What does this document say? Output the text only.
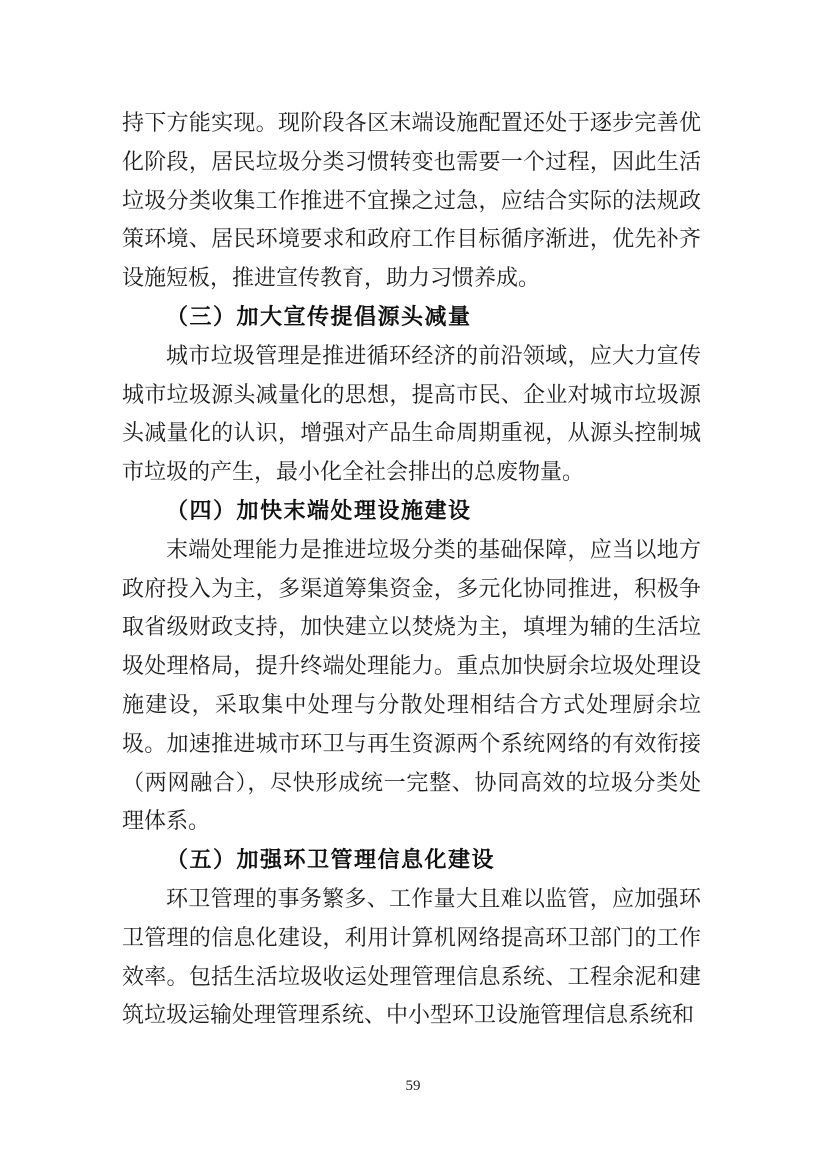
持下方能实现。现阶段各区末端设施配置还处于逐步完善优化阶段，居民垃圾分类习惯转变也需要一个过程，因此生活垃圾分类收集工作推进不宜操之过急，应结合实际的法规政策环境、居民环境要求和政府工作目标循序渐进，优先补齐设施短板，推进宣传教育，助力习惯养成。

（三）加大宣传提倡源头减量

城市垃圾管理是推进循环经济的前沿领域，应大力宣传城市垃圾源头减量化的思想，提高市民、企业对城市垃圾源头减量化的认识，增强对产品生命周期重视，从源头控制城市垃圾的产生，最小化全社会排出的总废物量。

（四）加快末端处理设施建设

末端处理能力是推进垃圾分类的基础保障，应当以地方政府投入为主，多渠道筹集资金，多元化协同推进，积极争取省级财政支持，加快建立以焚烧为主，填埋为辅的生活垃圾处理格局，提升终端处理能力。重点加快厨余垃圾处理设施建设，采取集中处理与分散处理相结合方式处理厨余垃圾。加速推进城市环卫与再生资源两个系统网络的有效衔接（两网融合），尽快形成统一完整、协同高效的垃圾分类处理体系。

（五）加强环卫管理信息化建设

环卫管理的事务繁多、工作量大且难以监管，应加强环卫管理的信息化建设，利用计算机网络提高环卫部门的工作效率。包括生活垃圾收运处理管理信息系统、工程余泥和建筑垃圾运输处理管理系统、中小型环卫设施管理信息系统和

59
